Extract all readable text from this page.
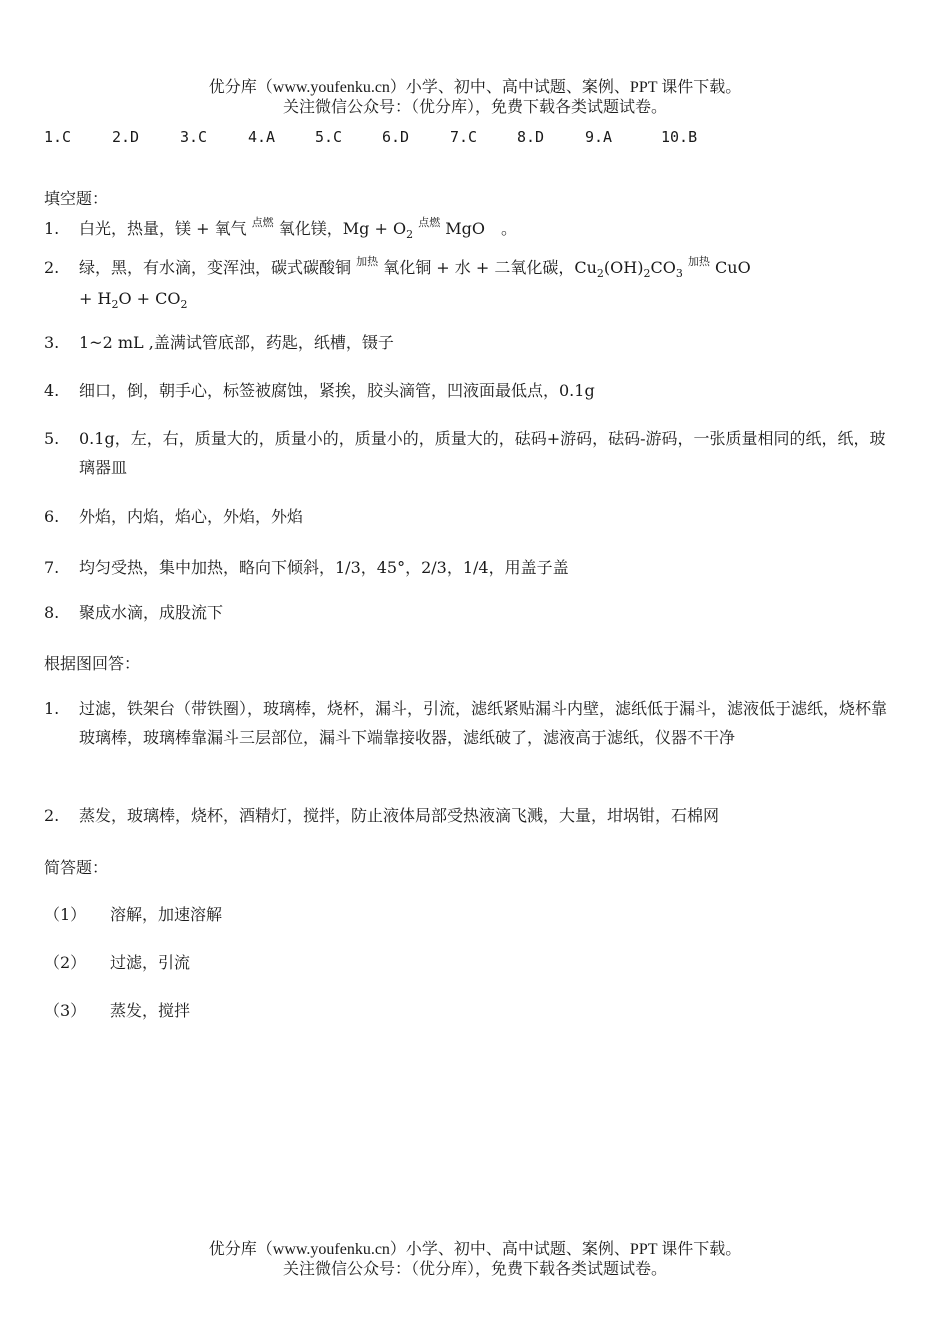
优分库（www.youfenku.cn）小学、初中、高中试题、案例、PPT 课件下载。
关注微信公众号：（优分库），免费下载各类试题试卷。
1.C	2.D	3.C	4.A	5.C	6.D	7.C	8.D	9.A	10.B
填空题：
1.	白光，热量，镁 + 氧气 $^{点燃}$ 氧化镁，$Mg + O_2$ $^{点燃}$ MgO　。
2.	绿，黑，有水滴，变浑浊，碳式碳酸铜 $^{加热}$ 氧化铜 + 水 + 二氧化碳，$Cu_2(OH)_2CO_3$ $^{加热}$ CuO
+ $H_2O + CO_2$
3.	1~2 mL ,盖满试管底部，药匙，纸槽，镊子
4.	细口，倒，朝手心，标签被腐蚀，紧挨，胶头滴管，凹液面最低点，0.1g
5.	0.1g，左，右，质量大的，质量小的，质量小的，质量大的，砝码+游码，砝码-游码，一张质量相同的纸，纸，玻璃器皿
6.	外焰，内焰，焰心，外焰，外焰
7.	均匀受热，集中加热，略向下倾斜，1/3，45°，2/3，1/4，用盖子盖
8.	聚成水滴，成股流下
根据图回答：
1.	过滤，铁架台（带铁圈），玻璃棒，烧杯，漏斗，引流，滤纸紧贴漏斗内壁，滤纸低于漏斗，滤液低于滤纸，烧杯靠玻璃棒，玻璃棒靠漏斗三层部位，漏斗下端靠接收器，滤纸破了，滤液高于滤纸，仪器不干净
2.	蒸发，玻璃棒，烧杯，酒精灯，搅拌，防止液体局部受热液滴飞溅，大量，坩埚钳，石棉网
简答题：
（1） 溶解，加速溶解
（2） 过滤，引流
（3） 蒸发，搅拌
优分库（www.youfenku.cn）小学、初中、高中试题、案例、PPT 课件下载。
关注微信公众号：（优分库），免费下载各类试题试卷。
